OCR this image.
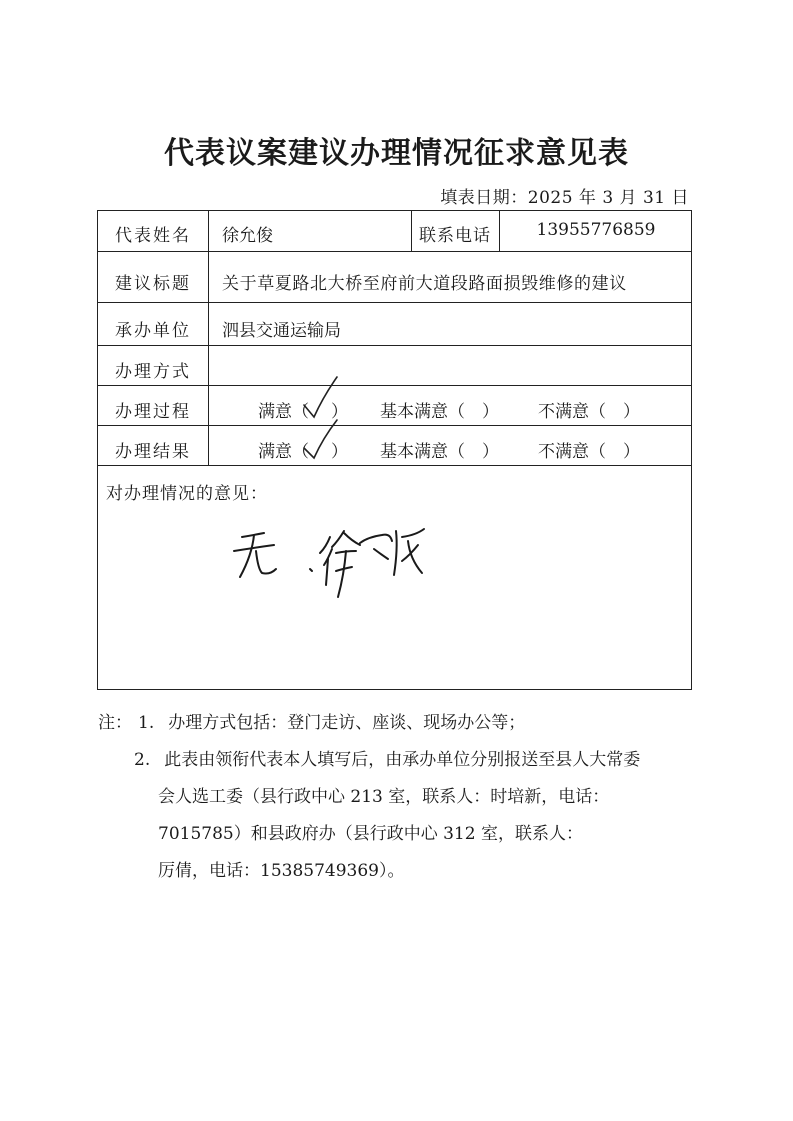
代表议案建议办理情况征求意见表
填表日期：2025 年 3 月 31 日
代表姓名	徐允俊	联系电话	13955776859
建议标题	关于草夏路北大桥至府前大道段路面损毁维修的建议
承办单位	泗县交通运输局
办理方式
办理过程	满意（ ） 基本满意（　） 不满意（　）
办理结果	满意（ ） 基本满意（　） 不满意（　）
对办理情况的意见：
注： 1. 办理方式包括：登门走访、座谈、现场办公等；
2. 此表由领衔代表本人填写后，由承办单位分别报送至县人大常委
会人选工委（县行政中心 213 室，联系人：时培新，电话：
7015785）和县政府办（县行政中心 312 室，联系人：
厉倩，电话：15385749369）。
